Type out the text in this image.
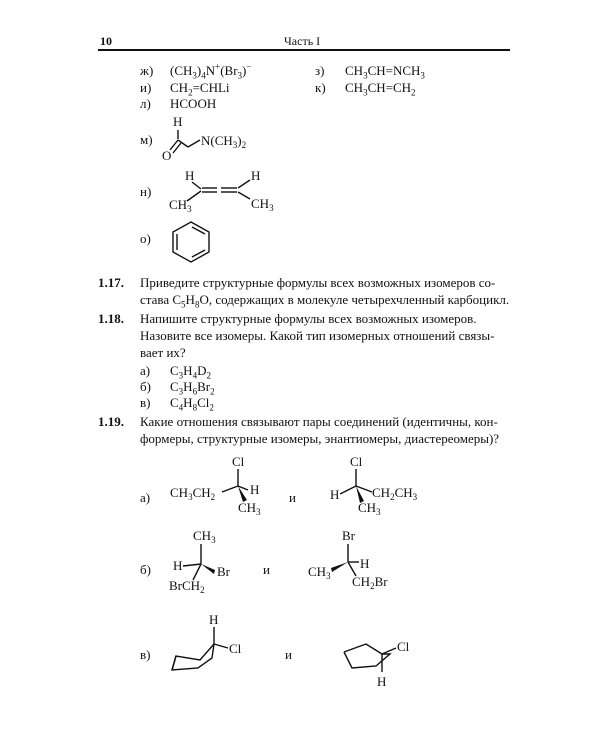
10	Часть I
ж) $(CH_3)_4N^+(Br_3)^-$	з) $CH_3CH=NCH_3$
и) $CH_2=CHLi$	к) $CH_3CH=CH_2$
л) HCOOH
м)
H
O
$N(CH_3)_2$
н)
H
$CH_3$
H
$CH_3$
о)
1.17. Приведите структурные формулы всех возможных изомеров со-
става $C_5H_8O$, содержащих в молекуле четырехчленный карбоцикл.
1.18. Напишите структурные формулы всех возможных изомеров.
Назовите все изомеры. Какой тип изомерных отношений связы-
вает их?
а) $C_3H_4D_2$
б) $C_3H_6Br_2$
в) $C_4H_8Cl_2$
1.19. Какие отношения связывают пары соединений (идентичны, кон-
формеры, структурные изомеры, энантиомеры, диастереомеры)?
а)
Cl
$CH_3CH_2$	H
$CH_3$
и
Cl
H	$CH_2CH_3$
$CH_3$
б)
$CH_3$
H	Br
BrCH$_2$
и
Br
H
$CH_3$ $CH_2Br$
в)
H
Cl	и
Cl
H
